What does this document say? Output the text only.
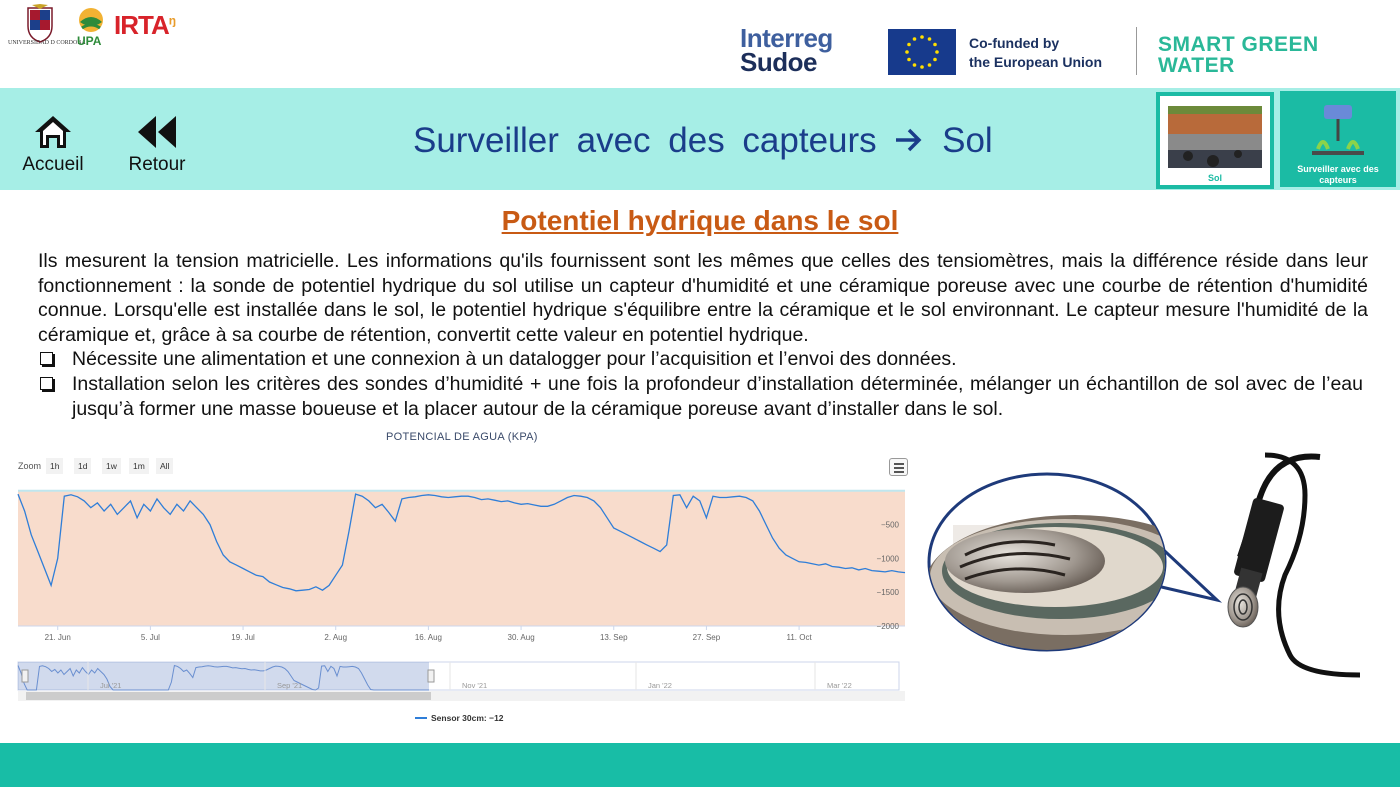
UNIVERSIDAD D CORDOBA
UPA
$IRTA^ŋ$
Interreg
Sudoe
Co-funded by
the European Union
SMART GREEN
WATER
Accueil Retour
Surveiller avec des capteurs Sol
Sol
Surveiller avec des capteurs
Potentiel hydrique dans le sol
Ils mesurent la tension matricielle. Les informations qu'ils fournissent sont les mêmes que celles des tensiomètres, mais la différence réside dans leur fonctionnement : la sonde de potentiel hydrique du sol utilise un capteur d'humidité et une céramique poreuse avec une courbe de rétention d'humidité connue. Lorsqu'elle est installée dans le sol, le potentiel hydrique s'équilibre entre la céramique et le sol environnant. Le capteur mesure l'humidité de la céramique et, grâce à sa courbe de rétention, convertit cette valeur en potentiel hydrique.
Nécessite une alimentation et une connexion à un datalogger pour l’acquisition et l’envoi des données.
Installation selon les critères des sondes d’humidité + une fois la profondeur d’installation déterminée, mélanger un échantillon de sol avec de l’eau jusqu’à former une masse boueuse et la placer autour de la céramique poreuse avant d’installer dans le sol.
POTENCIAL DE AGUA (KPA)
Zoom	1h	1d	1w	1m	All
−500
−1000
−1500
−2000
21. Jun	5. Jul	19. Jul	2. Aug	16. Aug	30. Aug	13. Sep	27. Sep	11. Oct
Jul '21	Sep '21	Nov '21	Jan '22	Mar '22
Sensor 30cm: −12
